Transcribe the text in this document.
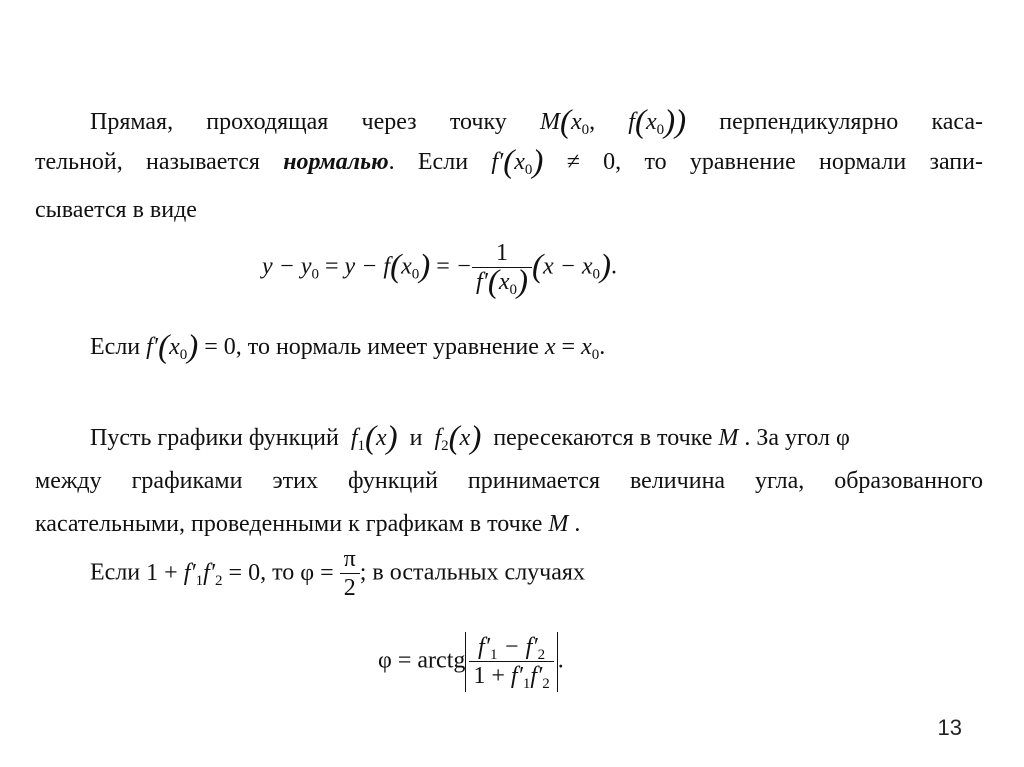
Прямая, проходящая через точку $M(x_0$, $f(x_0)$) перпендикулярно каса-
тельной, называется нормалью. Если $f'(x_0) \ne 0$, то уравнение нормали запи-
сывается в виде
$y - y_0 = y - f(x_0)$ = − $\frac{1}{f'(x_0)} (x - x_0)$.
Если $f'(x_0) = 0$, то нормаль имеет уравнение $x = x_0$.
Пусть графики функций $f_1(x)$ и $f_2(x)$ пересекаются в точке M . За угол φ
между графиками этих функций принимается величина угла, образованного
касательными, проведенными к графикам в точке M .
Если $1 + f'_1f'_2 = 0$, то $\varphi = \frac{\pi}{2}$ ; в остальных случаях
φ = arctg $\frac{f'_1 - f'_2}{1 + f'_1f'_2}$ .
13
